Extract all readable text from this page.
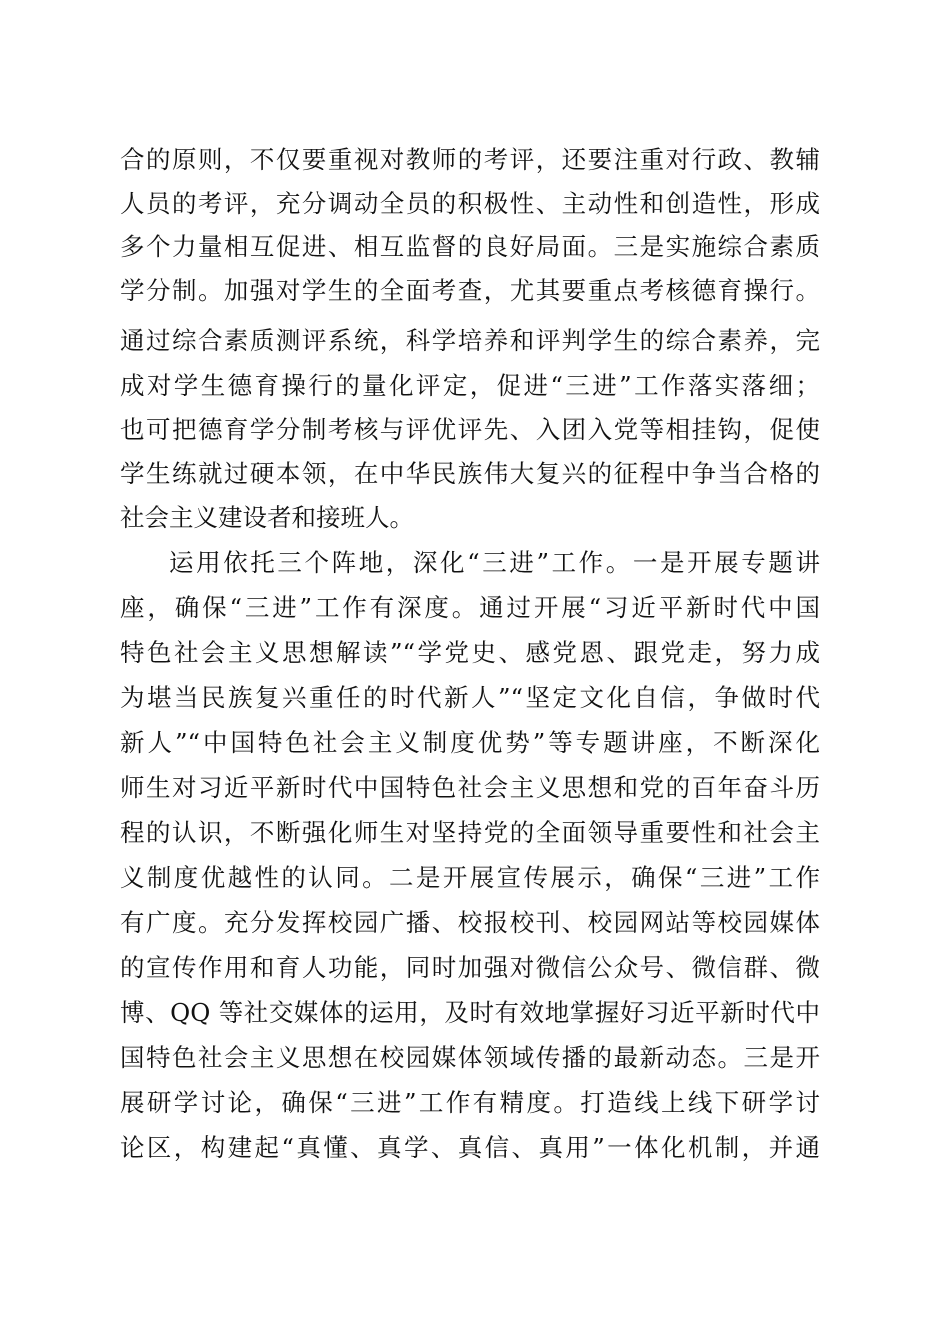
合的原则，不仅要重视对教师的考评，还要注重对行政、教辅
人员的考评，充分调动全员的积极性、主动性和创造性，形成
多个力量相互促进、相互监督的良好局面。三是实施综合素质
学分制。加强对学生的全面考查，尤其要重点考核德育操行。
通过综合素质测评系统，科学培养和评判学生的综合素养，完
成对学生德育操行的量化评定，促进“三进”工作落实落细；
也可把德育学分制考核与评优评先、入团入党等相挂钩，促使
学生练就过硬本领，在中华民族伟大复兴的征程中争当合格的
社会主义建设者和接班人。
运用依托三个阵地，深化“三进”工作。一是开展专题讲
座，确保“三进”工作有深度。通过开展“习近平新时代中国
特色社会主义思想解读”“学党史、感党恩、跟党走，努力成
为堪当民族复兴重任的时代新人”“坚定文化自信，争做时代
新人”“中国特色社会主义制度优势”等专题讲座，不断深化
师生对习近平新时代中国特色社会主义思想和党的百年奋斗历
程的认识，不断强化师生对坚持党的全面领导重要性和社会主
义制度优越性的认同。二是开展宣传展示，确保“三进”工作
有广度。充分发挥校园广播、校报校刊、校园网站等校园媒体
的宣传作用和育人功能，同时加强对微信公众号、微信群、微
博、QQ 等社交媒体的运用，及时有效地掌握好习近平新时代中
国特色社会主义思想在校园媒体领域传播的最新动态。三是开
展研学讨论，确保“三进”工作有精度。打造线上线下研学讨
论区，构建起“真懂、真学、真信、真用”一体化机制，并通
